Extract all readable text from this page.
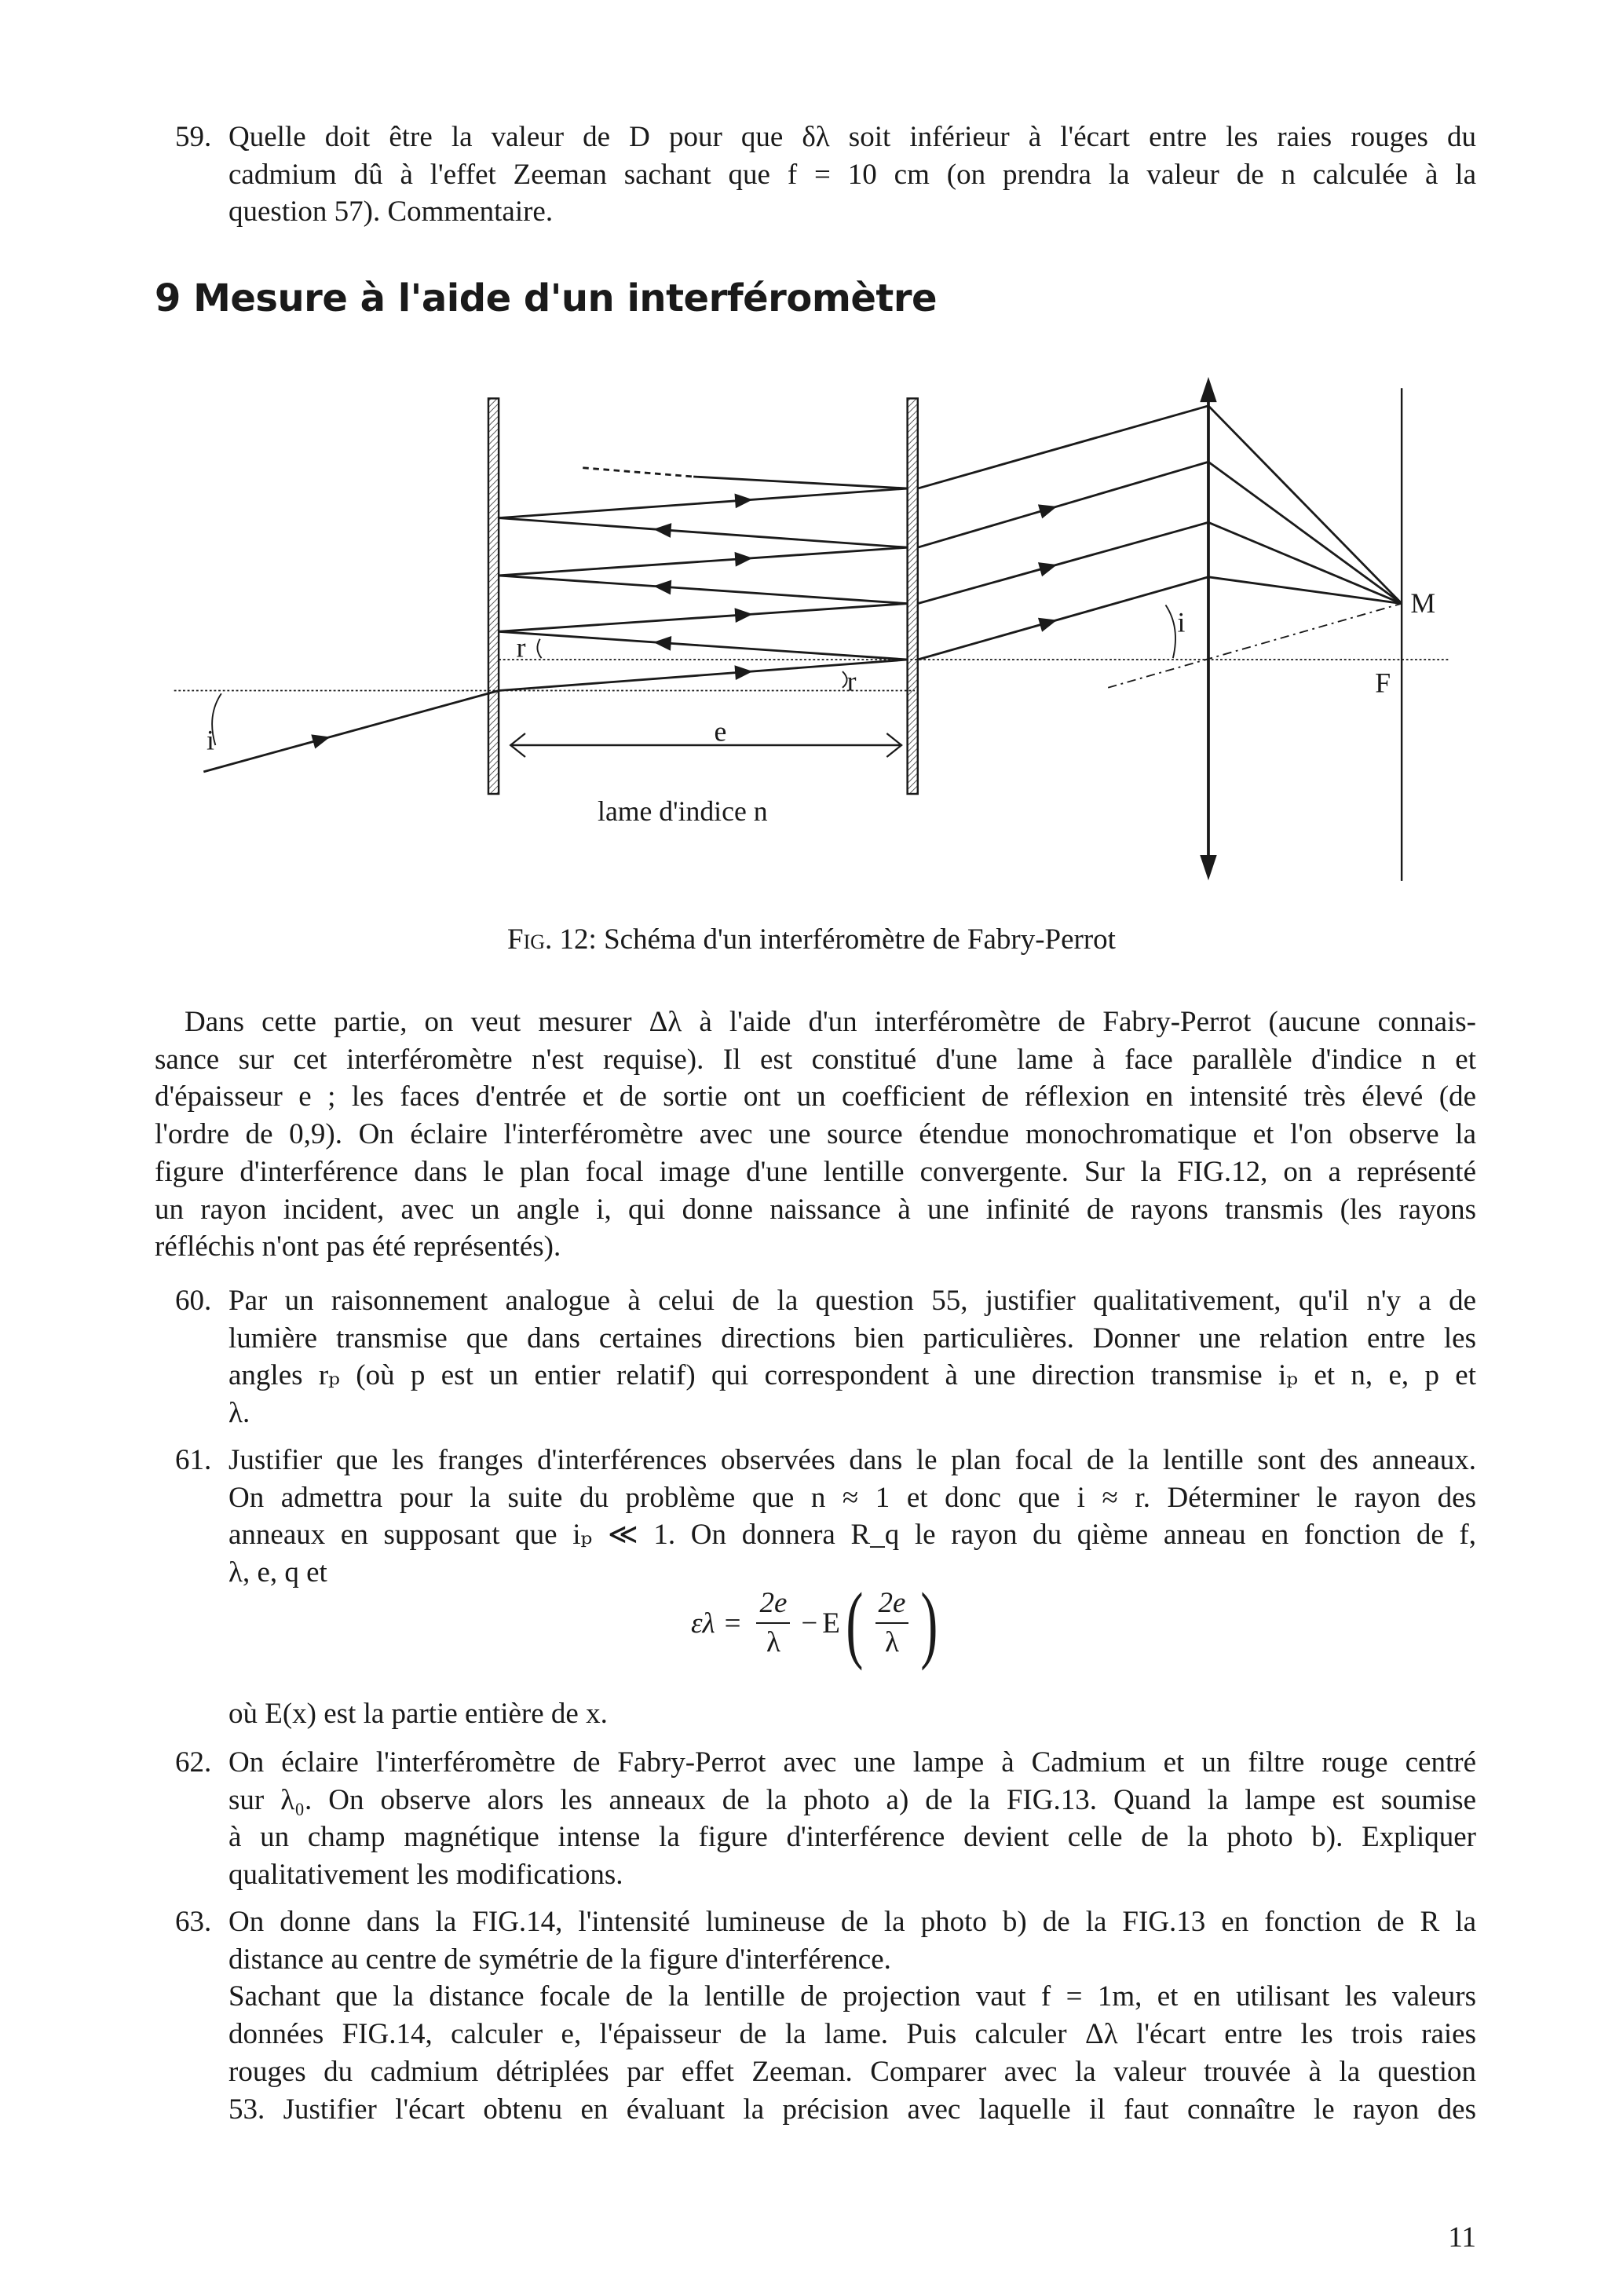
59. Quelle doit être la valeur de D pour que δλ soit inférieur à l'écart entre les raies rouges du
cadmium dû à l'effet Zeeman sachant que f = 10 cm (on prendra la valeur de n calculée à la
question 57). Commentaire.
9 Mesure à l'aide d'un interféromètre
r
r
i
i
e
M
F
lame d'indice n
Fig. 12: Schéma d'un interféromètre de Fabry-Perrot
Dans cette partie, on veut mesurer Δλ à l'aide d'un interféromètre de Fabry-Perrot (aucune connais-
sance sur cet interféromètre n'est requise). Il est constitué d'une lame à face parallèle d'indice n et
d'épaisseur e ; les faces d'entrée et de sortie ont un coefficient de réflexion en intensité très élevé (de
l'ordre de 0,9). On éclaire l'interféromètre avec une source étendue monochromatique et l'on observe la
figure d'interférence dans le plan focal image d'une lentille convergente. Sur la FIG.12, on a représenté
un rayon incident, avec un angle i, qui donne naissance à une infinité de rayons transmis (les rayons
réfléchis n'ont pas été représentés).
60. Par un raisonnement analogue à celui de la question 55, justifier qualitativement, qu'il n'y a de
lumière transmise que dans certaines directions bien particulières. Donner une relation entre les
angles rₚ (où p est un entier relatif) qui correspondent à une direction transmise iₚ et n, e, p et
λ.
61. Justifier que les franges d'interférences observées dans le plan focal de la lentille sont des anneaux.
On admettra pour la suite du problème que n ≈ 1 et donc que i ≈ r. Déterminer le rayon des
anneaux en supposant que iₚ ≪ 1. On donnera R_q le rayon du qième anneau en fonction de f,
λ, e, q et
$\varepsilon\lambda = \frac{2e}{\lambda} - E$ ( $\frac{2e}{\lambda}$ )
où E(x) est la partie entière de x.
62. On éclaire l'interféromètre de Fabry-Perrot avec une lampe à Cadmium et un filtre rouge centré
sur λ₀. On observe alors les anneaux de la photo a) de la FIG.13. Quand la lampe est soumise
à un champ magnétique intense la figure d'interférence devient celle de la photo b). Expliquer
qualitativement les modifications.
63. On donne dans la FIG.14, l'intensité lumineuse de la photo b) de la FIG.13 en fonction de R la
distance au centre de symétrie de la figure d'interférence.
Sachant que la distance focale de la lentille de projection vaut f = 1m, et en utilisant les valeurs
données FIG.14, calculer e, l'épaisseur de la lame. Puis calculer Δλ l'écart entre les trois raies
rouges du cadmium détriplées par effet Zeeman. Comparer avec la valeur trouvée à la question
53. Justifier l'écart obtenu en évaluant la précision avec laquelle il faut connaître le rayon des
11
